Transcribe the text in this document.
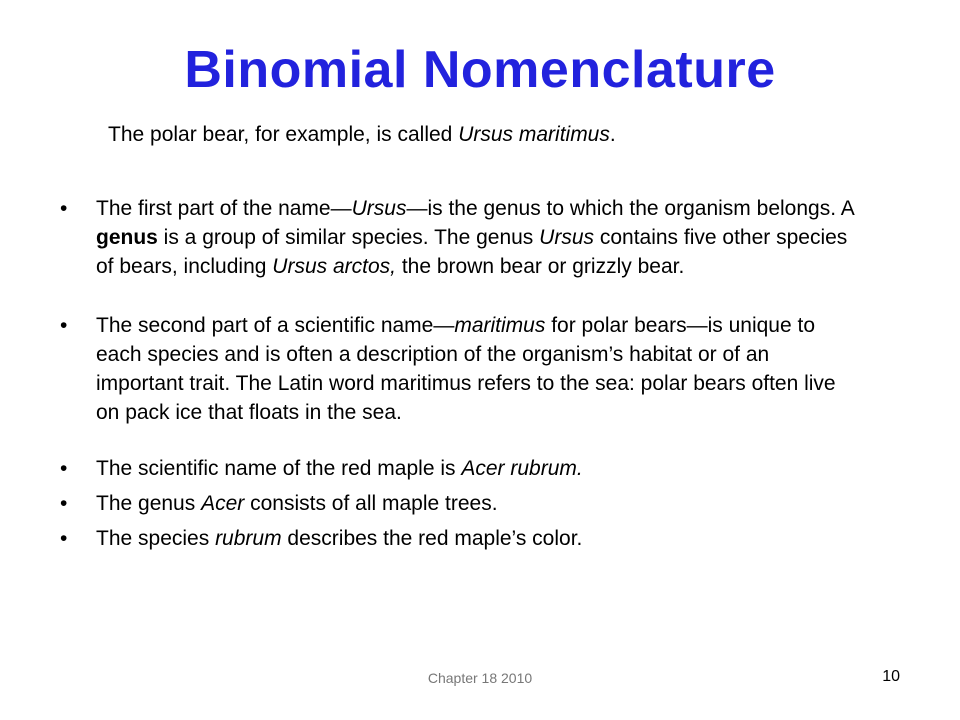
Binomial Nomenclature
The polar bear, for example, is called Ursus maritimus.
• The first part of the name—Ursus—is the genus to which the organism belongs. A genus is a group of similar species. The genus Ursus contains five other species of bears, including Ursus arctos, the brown bear or grizzly bear.
• The second part of a scientific name—maritimus for polar bears—is unique to each species and is often a description of the organism’s habitat or of an important trait. The Latin word maritimus refers to the sea: polar bears often live on pack ice that floats in the sea.
• The scientific name of the red maple is Acer rubrum.
• The genus Acer consists of all maple trees.
• The species rubrum describes the red maple’s color.
Chapter 18 2010	10
